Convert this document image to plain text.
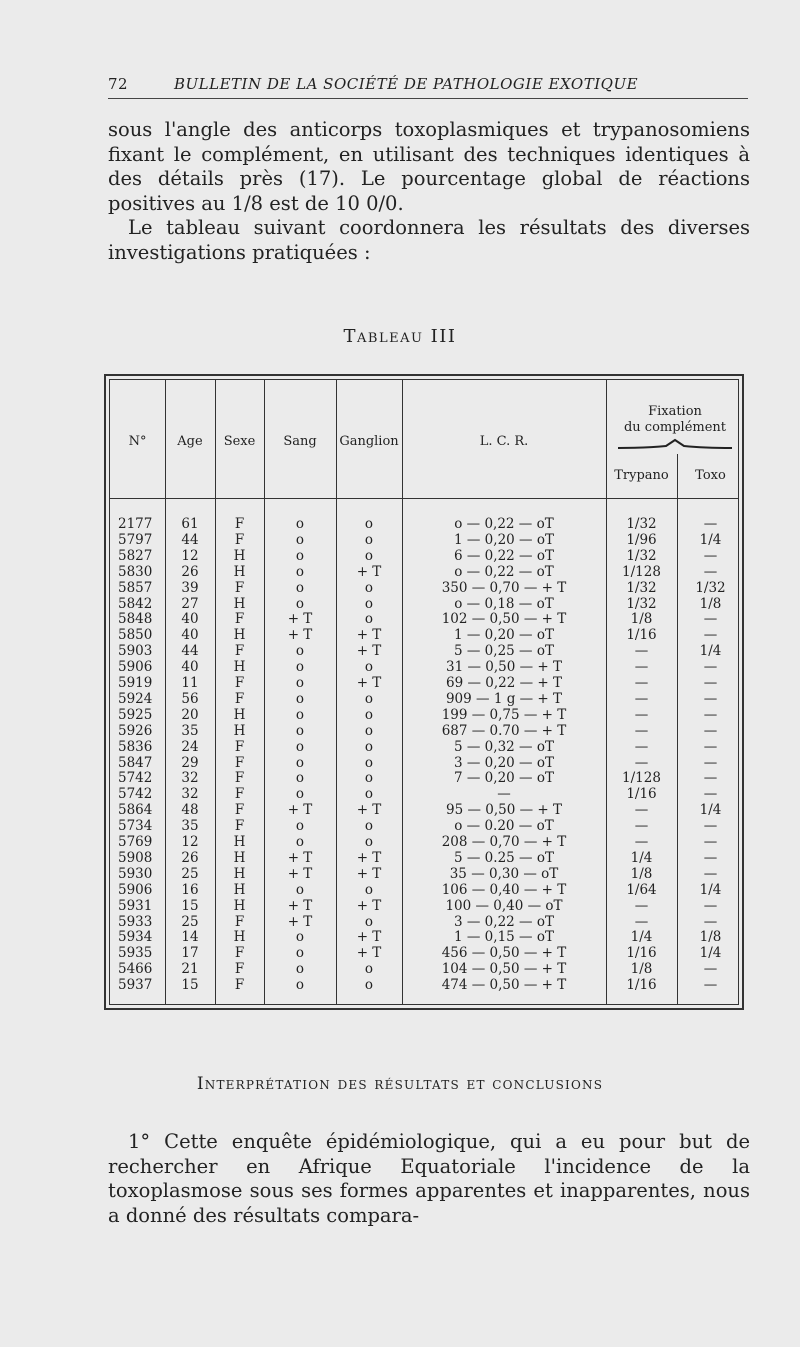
72	BULLETIN DE LA SOCIÉTÉ DE PATHOLOGIE EXOTIQUE

sous l'angle des anticorps toxoplasmiques et trypanosomiens fixant le complément, en utilisant des techniques identiques à des détails près (17). Le pourcentage global de réactions positives au 1/8 est de 10 0/0.

Le tableau suivant coordonnera les résultats des diverses investigations pratiquées :

Tableau III
N°	Age	Sexe	Sang	Ganglion	L. C. R.
Fixation
du complément
Trypano	Toxo
2177	61	F	o	o	o — 0,22 — oT	1/32	—
5797	44	F	o	o	1 — 0,20 — oT	1/96	1/4
5827	12	H	o	o	6 — 0,22 — oT	1/32	—
5830	26	H	o	+ T	o — 0,22 — oT	1/128	—
5857	39	F	o	o	350 — 0,70 — + T	1/32	1/32
5842	27	H	o	o	o — 0,18 — oT	1/32	1/8
5848	40	F	+ T	o	102 — 0,50 — + T	1/8	—
5850	40	H	+ T	+ T	1 — 0,20 — oT	1/16	—
5903	44	F	o	+ T	5 — 0,25 — oT	—	1/4
5906	40	H	o	o	31 — 0,50 — + T	—	—
5919	11	F	o	+ T	69 — 0,22 — + T	—	—
5924	56	F	o	o	909 — 1 g — + T	—	—
5925	20	H	o	o	199 — 0,75 — + T	—	—
5926	35	H	o	o	687 — 0.70 — + T	—	—
5836	24	F	o	o	5 — 0,32 — oT	—	—
5847	29	F	o	o	3 — 0,20 — oT	—	—
5742	32	F	o	o	7 — 0,20 — oT	1/128	—
5742	32	F	o	o	—	1/16	—
5864	48	F	+ T	+ T	95 — 0,50 — + T	—	1/4
5734	35	F	o	o	o — 0.20 — oT	—	—
5769	12	H	o	o	208 — 0,70 — + T	—	—
5908	26	H	+ T	+ T	5 — 0.25 — oT	1/4	—
5930	25	H	+ T	+ T	35 — 0,30 — oT	1/8	—
5906	16	H	o	o	106 — 0,40 — + T	1/64	1/4
5931	15	H	+ T	+ T	100 — 0,40 — oT	—	—
5933	25	F	+ T	o	3 — 0,22 — oT	—	—
5934	14	H	o	+ T	1 — 0,15 — oT	1/4	1/8
5935	17	F	o	+ T	456 — 0,50 — + T	1/16	1/4
5466	21	F	o	o	104 — 0,50 — + T	1/8	—
5937	15	F	o	o	474 — 0,50 — + T	1/16	—
Interprétation des résultats et conclusions

1° Cette enquête épidémiologique, qui a eu pour but de rechercher en Afrique Equatoriale l'incidence de la toxoplasmose sous ses formes apparentes et inapparentes, nous a donné des résultats compara-
